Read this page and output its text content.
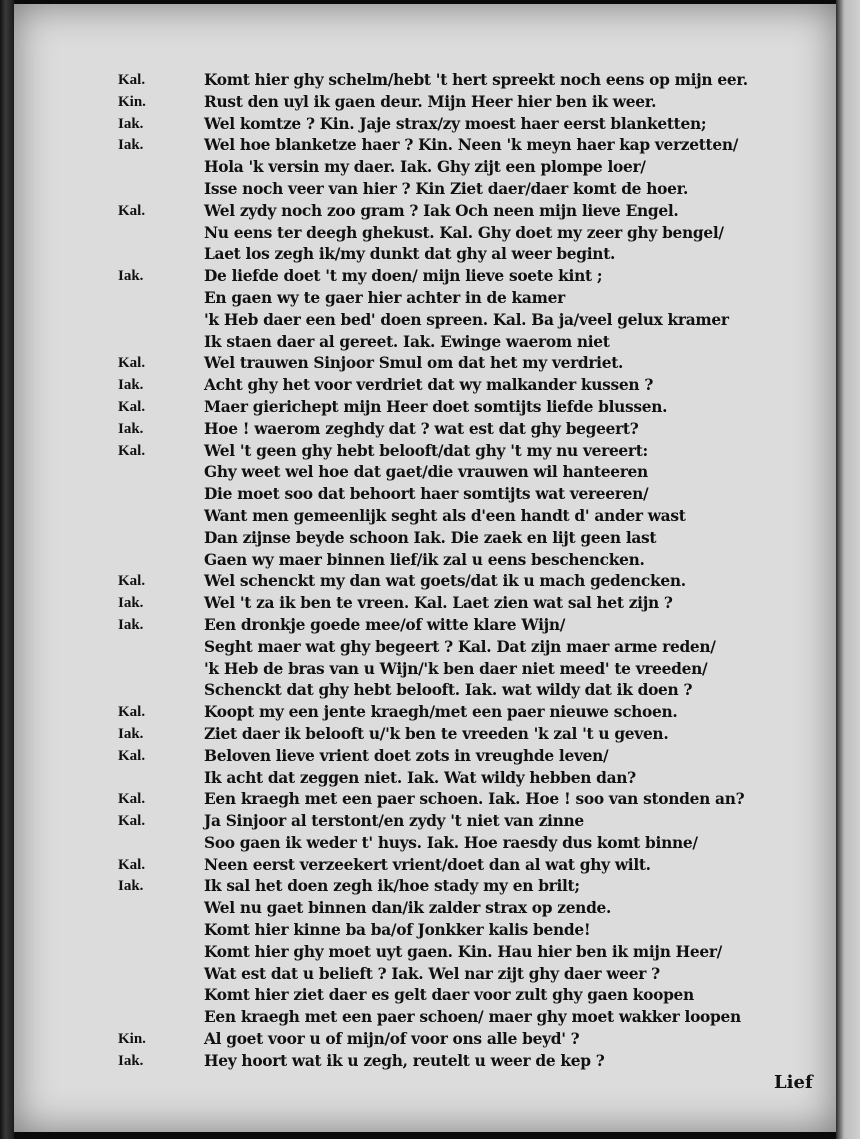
Kal.	Komt hier ghy schelm/hebt 't hert spreekt noch eens op mijn eer.
Kin.	Rust den uyl ik gaen deur. Mijn Heer hier ben ik weer.
Iak.	Wel komtze ? Kin. Jaje strax/zy moest haer eerst blanketten;
Iak.	Wel hoe blanketze haer ? Kin. Neen 'k meyn haer kap verzetten/
Hola 'k versin my daer. Iak. Ghy zijt een plompe loer/
Isse noch veer van hier ? Kin Ziet daer/daer komt de hoer.
Kal.	Wel zydy noch zoo gram ? Iak Och neen mijn lieve Engel.
Nu eens ter deegh ghekust. Kal. Ghy doet my zeer ghy bengel/
Laet los zegh ik/my dunkt dat ghy al weer begint.
Iak.	De liefde doet 't my doen/ mijn lieve soete kint ;
En gaen wy te gaer hier achter in de kamer
'k Heb daer een bed' doen spreen. Kal. Ba ja/veel gelux kramer
Ik staen daer al gereet. Iak. Ewinge waerom niet
Kal.	Wel trauwen Sinjoor Smul om dat het my verdriet.
Iak.	Acht ghy het voor verdriet dat wy malkander kussen ?
Kal.	Maer gierichept mijn Heer doet somtijts liefde blussen.
Iak.	Hoe ! waerom zeghdy dat ? wat est dat ghy begeert?
Kal.	Wel 't geen ghy hebt belooft/dat ghy 't my nu vereert:
Ghy weet wel hoe dat gaet/die vrauwen wil hanteeren
Die moet soo dat behoort haer somtijts wat vereeren/
Want men gemeenlijk seght als d'een handt d' ander wast
Dan zijnse beyde schoon Iak. Die zaek en lijt geen last
Gaen wy maer binnen lief/ik zal u eens beschencken.
Kal.	Wel schenckt my dan wat goets/dat ik u mach gedencken.
Iak.	Wel 't za ik ben te vreen. Kal. Laet zien wat sal het zijn ?
Iak.	Een dronkje goede mee/of witte klare Wijn/
Seght maer wat ghy begeert ? Kal. Dat zijn maer arme reden/
'k Heb de bras van u Wijn/'k ben daer niet meed' te vreeden/
Schenckt dat ghy hebt belooft. Iak. wat wildy dat ik doen ?
Kal.	Koopt my een jente kraegh/met een paer nieuwe schoen.
Iak.	Ziet daer ik belooft u/'k ben te vreeden 'k zal 't u geven.
Kal.	Beloven lieve vrient doet zots in vreughde leven/
Ik acht dat zeggen niet. Iak. Wat wildy hebben dan?
Kal.	Een kraegh met een paer schoen. Iak. Hoe ! soo van stonden an?
Kal.	Ja Sinjoor al terstont/en zydy 't niet van zinne
Soo gaen ik weder t' huys. Iak. Hoe raesdy dus komt binne/
Kal.	Neen eerst verzeekert vrient/doet dan al wat ghy wilt.
Iak.	Ik sal het doen zegh ik/hoe stady my en brilt;
Wel nu gaet binnen dan/ik zalder strax op zende.
Komt hier kinne ba ba/of Jonkker kalis bende!
Komt hier ghy moet uyt gaen. Kin. Hau hier ben ik mijn Heer/
Wat est dat u belieft ? Iak. Wel nar zijt ghy daer weer ?
Komt hier ziet daer es gelt daer voor zult ghy gaen koopen
Een kraegh met een paer schoen/ maer ghy moet wakker loopen
Kin.	Al goet voor u of mijn/of voor ons alle beyd' ?
Iak.	Hey hoort wat ik u zegh, reutelt u weer de kep ?
Lief
